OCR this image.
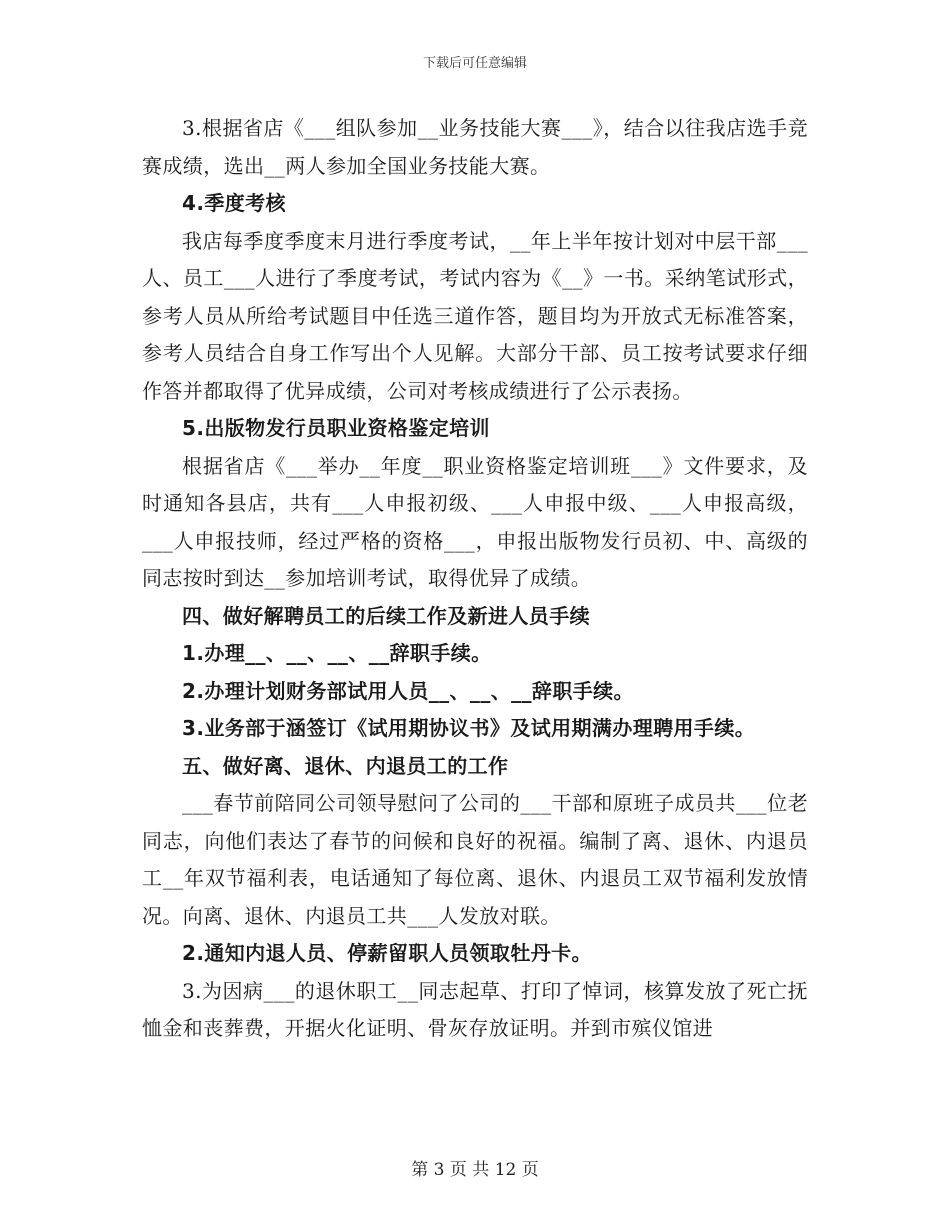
下载后可任意编辑

3.根据省店《___组队参加__业务技能大赛___》，结合以往我店选手竞赛成绩，选出__两人参加全国业务技能大赛。

4.季度考核

我店每季度季度末月进行季度考试，__年上半年按计划对中层干部___人、员工___人进行了季度考试，考试内容为《__》一书。采纳笔试形式，参考人员从所给考试题目中任选三道作答，题目均为开放式无标准答案，参考人员结合自身工作写出个人见解。大部分干部、员工按考试要求仔细作答并都取得了优异成绩，公司对考核成绩进行了公示表扬。

5.出版物发行员职业资格鉴定培训

根据省店《___举办__年度__职业资格鉴定培训班___》文件要求，及时通知各县店，共有___人申报初级、___人申报中级、___人申报高级，___人申报技师，经过严格的资格___，申报出版物发行员初、中、高级的同志按时到达__参加培训考试，取得优异了成绩。

四、做好解聘员工的后续工作及新进人员手续

1.办理__、__、__、__辞职手续。

2.办理计划财务部试用人员__、__、__辞职手续。

3.业务部于涵签订《试用期协议书》及试用期满办理聘用手续。

五、做好离、退休、内退员工的工作

___春节前陪同公司领导慰问了公司的___干部和原班子成员共___位老同志，向他们表达了春节的问候和良好的祝福。编制了离、退休、内退员工__年双节福利表，电话通知了每位离、退休、内退员工双节福利发放情况。向离、退休、内退员工共___人发放对联。

2.通知内退人员、停薪留职人员领取牡丹卡。

3.为因病___的退休职工__同志起草、打印了悼词，核算发放了死亡抚恤金和丧葬费，开据火化证明、骨灰存放证明。并到市殡仪馆进

第 3 页 共 12 页
